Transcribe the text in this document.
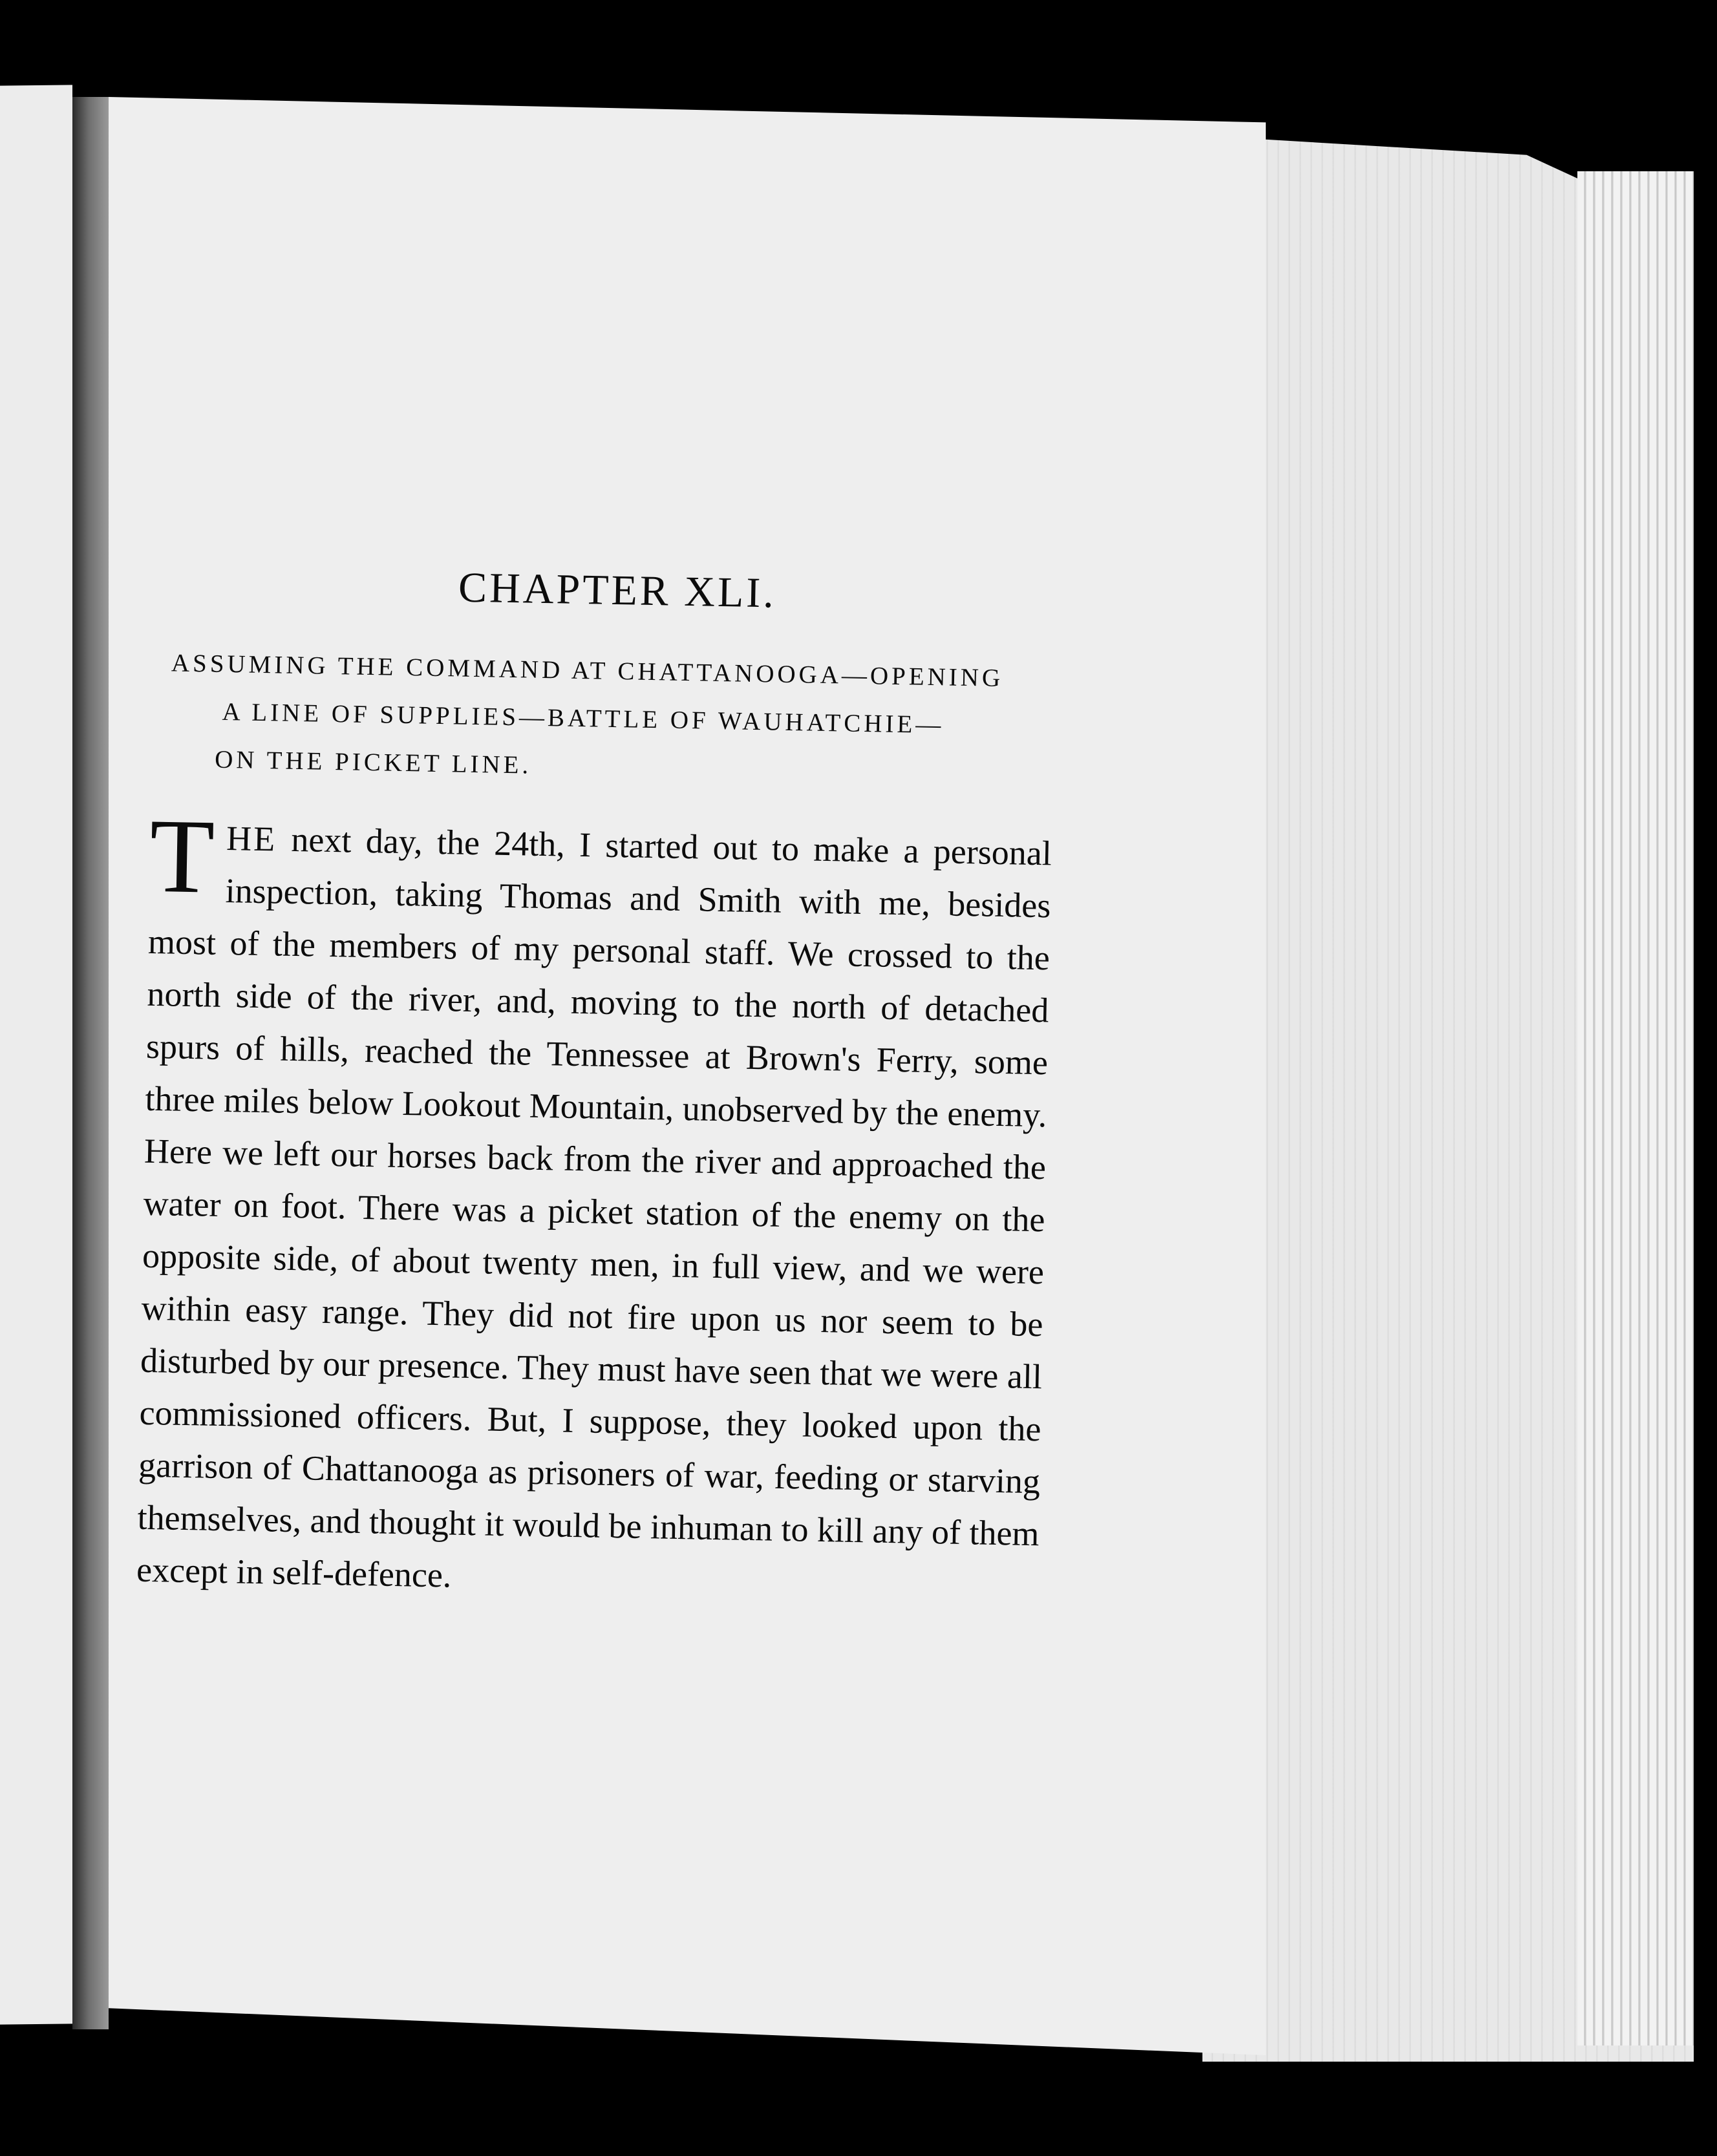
CHAPTER XLI.
ASSUMING THE COMMAND AT CHATTANOOGA—OPENING
A LINE OF SUPPLIES—BATTLE OF WAUHATCHIE—
ON THE PICKET LINE.

THE next day, the 24th, I started out to make a personal inspection, taking Thomas and Smith with me, besides most of the members of my personal staff. We crossed to the north side of the river, and, moving to the north of detached spurs of hills, reached the Tennessee at Brown's Ferry, some three miles below Lookout Mountain, unobserved by the enemy. Here we left our horses back from the river and approached the water on foot. There was a picket station of the enemy on the opposite side, of about twenty men, in full view, and we were within easy range. They did not fire upon us nor seem to be disturbed by our presence. They must have seen that we were all commissioned officers. But, I suppose, they looked upon the garrison of Chattanooga as prisoners of war, feeding or starving themselves, and thought it would be inhuman to kill any of them except in self-defence.
